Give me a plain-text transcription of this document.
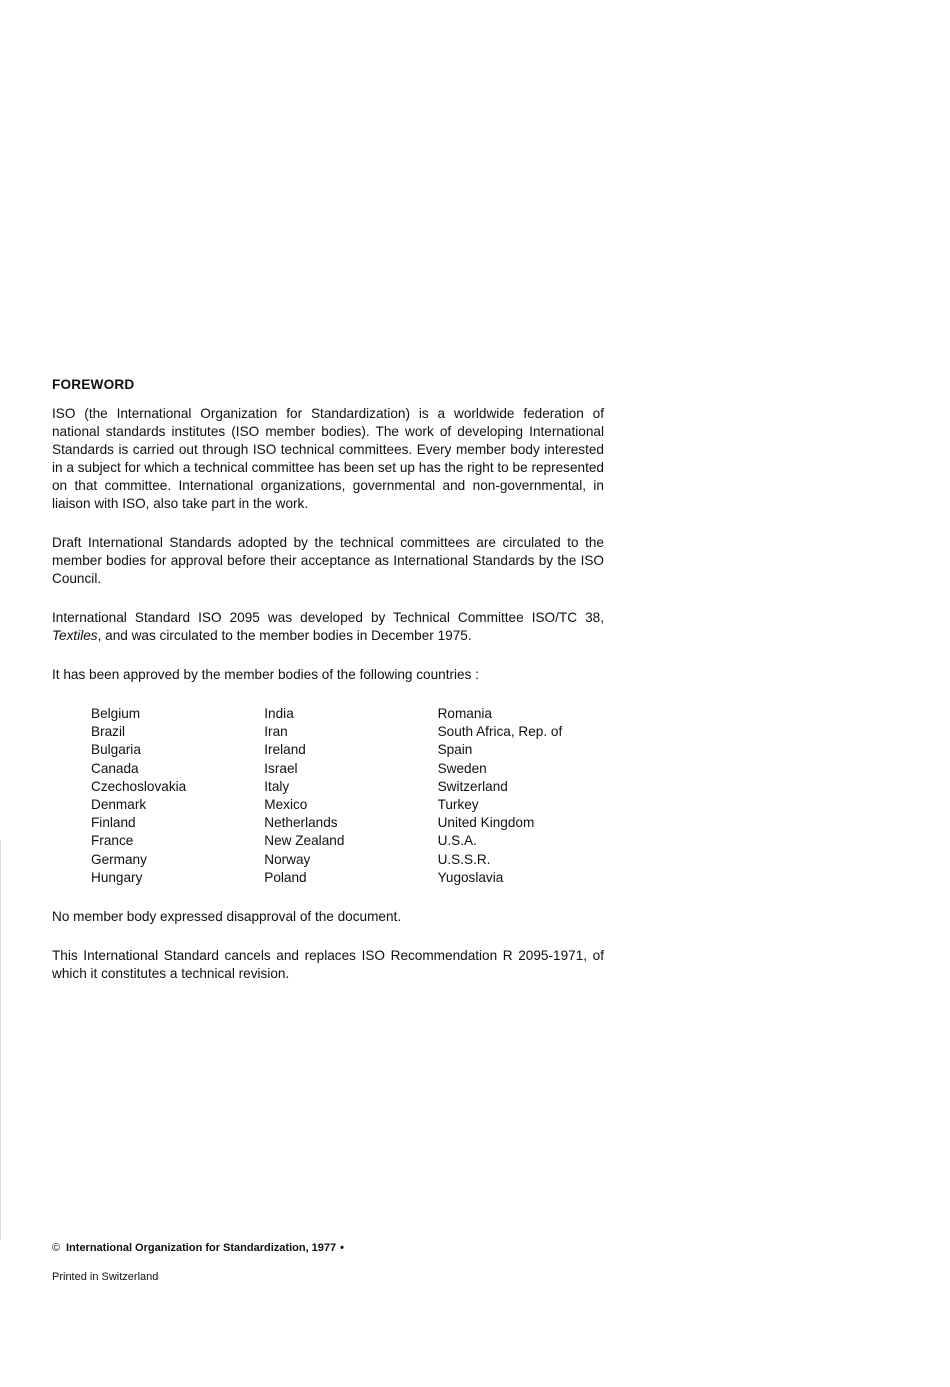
FOREWORD

ISO (the International Organization for Standardization) is a worldwide federation of national standards institutes (ISO member bodies). The work of developing International Standards is carried out through ISO technical committees. Every member body interested in a subject for which a technical committee has been set up has the right to be represented on that committee. International organizations, governmental and non-governmental, in liaison with ISO, also take part in the work.

Draft International Standards adopted by the technical committees are circulated to the member bodies for approval before their acceptance as International Standards by the ISO Council.

International Standard ISO 2095 was developed by Technical Committee ISO/TC 38, Textiles, and was circulated to the member bodies in December 1975.

It has been approved by the member bodies of the following countries :

Belgium
Brazil
Bulgaria
Canada
Czechoslovakia
Denmark
Finland
France
Germany
Hungary
India
Iran
Ireland
Israel
Italy
Mexico
Netherlands
New Zealand
Norway
Poland
Romania
South Africa, Rep. of
Spain
Sweden
Switzerland
Turkey
United Kingdom
U.S.A.
U.S.S.R.
Yugoslavia

No member body expressed disapproval of the document.

This International Standard cancels and replaces ISO Recommendation R 2095-1971, of which it constitutes a technical revision.

© International Organization for Standardization, 1977 •
Printed in Switzerland
